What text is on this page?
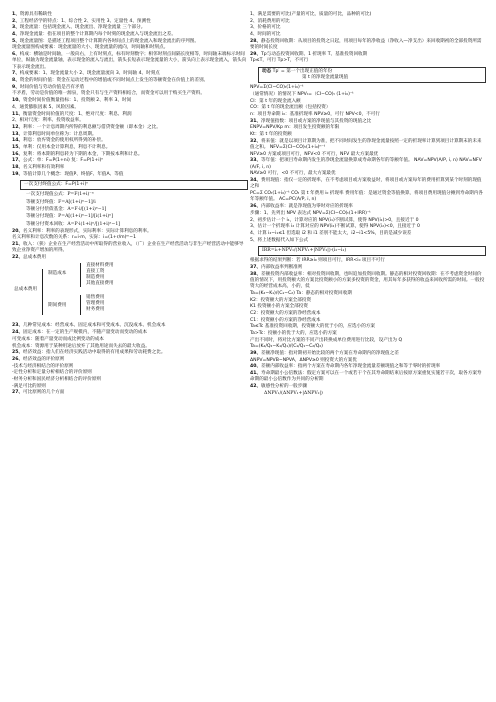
1、资源具有稀缺性
2、工程经济学的特点：1、综合性 2、实用性 3、定量性 4、预测性
3、现金流量：包括现金流入、现金流出、净现金流量 三个部分。
4、净现金流量：指在项目的整个计算期内每个时刻的现金流入与现金流出之差。
5、现金流量图：是描述工程项目整个计算期内各时间点上的现金流入和现金流出的序列图。
现金流量图构成要素：现金流量的大小、现金流量的流向，时间轴和时刻点。
6、构成：横轴是时间轴，一般向右，上有时刻点，标有时刻数字；相邻时刻点间隔长度相等，时间轴末端标示时间单位，纵轴为现金流量轴，表示现金的流入与流出，箭头长短表示现金流量的大小，箭头向上表示现金流入，箭头向下表示现金流出。
7、构成要素：1、现金流量大小 2、现金流量流向 3、时间轴 4、时刻点
8、资金的时间价值：资金在运动过程中的增值或不同时间点上发生的等额资金在价值上的差别。
9、时间价值与劳动价值是否有矛盾
不矛盾，劳动是价值的唯一源泉，资金只有与生产资料相结合，而资金可以用于购买生产资料。
10、资金时间价值衡量指标：1、投资额 2、利率 3、时间
4、通货膨胀因素 5、风险因素。
11、衡量资金时间价值的尺度：1、绝对尺度：利息、利润
2、相对尺度：利率、投资收益率。
12、利率：一个计息周期内所得的利息额与借贷资金额（即本金）之比。
13、计算利息时间单位称为：计息周期。
14、利息：放弃资金的使用权所得到的补偿。
15、单利：仅用本金计算利息，利息不计利息。
16、复利：将本期的利息转为下期的本金，下期按本利和计息。
17、公式：单：F=P(1+ni) 复：F=P(1+i)ⁿ
18、名义利率和有效利率
19、等值计算几个概念：现值P、终值F、年值A、等值
一次支付终值公式：F=P(1+i)ⁿ
一次支付现值公式：P=F(1+i)⁻ⁿ
等额支付终值：F=A[(1+i)ⁿ−1]/i
等额分付偿债基金：A=F·i/[(1+i)ⁿ−1]
等额分付现值：P=A[(1+i)ⁿ−1]/[i(1+i)ⁿ]
等额分付资本回收：A=P·i(1+i)ⁿ/[(1+i)ⁿ−1]
20、名义利率：利率的表现形式，实际利率：实际计算利息的利率。
名义利率和计息次数的关系：r=i·m，实际：i=(1+r/m)ᵐ−1
21、收入：（狭）企业在生产经营活动中所取得的营业收入，（广）企业在生产经营活动与非生产经营活动中能够导致企业净资产增加的所得。
22、总成本费用
总成本费用
制造成本
期间费用
直接材料费用
直接工资
制造费用
其他直接费用
销售费用
管理费用
财务费用
23、几种常见成本：经营成本、固定成本和可变成本、沉没成本、机会成本
24、固定成本：在一定的生产规模内，不随产量变动而变动的成本
可变成本：随着产量变动而成比例变动的成本
机会成本：资源用于某种用途后放弃了其他用途而失去的最大收益。
25、经济效益：指人们在经济实践活动中取得的有用成果和劳动耗费之比。
26、经济效益的评价原则
-技术与经济相结合的评价原则
-定性分析和定量分析相结合的评价原则
-财务分析和国民经济分析相结合的评价原则
-满足可比的原则
27、可比原则的几个方面
1、满足需要的可比(产量的可比，质量的可比，品种的可比)
2、消耗费用的可比
3、价格的可比
4、时间的可比
28、静态投资回收期：从项目的投资之日起，用项目每年的净收益（净收入—净支出）来回收期初的全部投资所需要的时间长度
29、Tp与动态投资回收期、1 折现率 T、基准投资回收期
Tp≤T，可行 Tp>T，不可行
动态 Tp′ = 第一个出现正值的年份
第 t 的净现金流量现值
NPV=Σ(CI−CO)ₜ(1+i₀)⁻ᵗ
（通常情况）的情况下 NPVₜ=（CI−CO)ₜ (1+i₀)⁻ᵗ
CI：第 t 年的现金流入额
CO：第 t 年的现金流出额（包括投资）
n：项目寿命期 i₀：基准折现率 NPV≥0，可行 NPV<0，不可行
31、净现值指数：项目或方案的净现值与其投资的现值之比
ENPV=NPV/Kp m：项目发生投资额的年限
Kt：第 t 年的投资额
32、将来值：就是以项目计算期为准，把不同时间发生的净现金流量按照一定的折现率计算到项目计算期末的未来值之和。 NFV=Σ(CI−CO)ₜ(1+i₀)ⁿ⁻ᵗ
NFV≥0 方案或项目可行，NFV<0 不可行，NFV 最大方案最优
33、等年值：把项目寿命期内发生的净现金流量换算成寿命期各年的等额年值。 NAV=NPV(A/P, i, n) NAV=NFV(A/F, i, n)
NAV≥0 可行，<0 不可行，最大方案最优
34、费用现值：指仅一定的折现率，在不考虑项目或方案收益时，将项目或方案每年的费用折算到某个时刻的现值之和
PC=Σ COₜ(1+i₀)⁻ᵗ COₜ 第 t 年费用 i₀ 折现率 费用年值：是通过资金等值换算，将项目费用现值分摊到寿命期内各年等额年值。 AC=PC(A/P, i, n)
36、内部收益率：就是净现值为零时对应的折现率
步骤：1、先列出 NPV 表达式 NPV=Σ(CI−CO)ₜ(1+IRR)⁻ᵗ
2、初步估计一个 i₁，计算对应的 NPV(i₁)不断试算，使得 NPV(i₁)>0，且接近于 0
3、估计一个折现率 i₂ 计算对应的 NPV(i₂)不断试算，使得 NPV(i₂)<0，且接近于 0
4、计算 i₂−i₁≤1 但选取 i2 和 i1 差别不能太大，i2−i1<5%，目的是减少误差
5、将上述数据代入如下公式
IRR=i₁+NPV₁/(NPV₁+|NPV₂|)·(i₂−i₁)
根据求得的结果判断：若 IRR≥i₀ 则项目可行，IRR<i₀ 项目不可行
37、内部收益率判断准则
38、差额投资内部收益率：相对投资回收期，也叫追加投资回收期。静态的相对投资回收期：在不考虑资金时间价值的情况下，用投资额大的方案比投资额小的方案多投资的资金，用其每年多获得的收益来回收所需的时间。一般投资大的经营成本高，小的，低
Ta=(K₂−K₁)/(C₁−C₂) Ta：静态的相对投资回收期
K2：投资额大的方案全部投资
K1 投资额小的方案全部投资
C2：投资额大的方案的净经营成本
C1：投资额小的方案的净经营成本
Ta≤Tc 基准投资回收期，投资额大的优于小的，应选小的方案
Ta>Tc：投额小的优于大的，应选小的方案
产出不同时，将对比方案的不同产出转换成单位费用进行比较，设产出为 Q
Ta=(K₂/Q₂−K₁/Q₁)/(C₁/Q₁−C₂/Q₂)
39、差额净现值：指对期初开始比较的两个方案在寿命期内的净现值之差
ΔNPV=NPVB−NPVA，ΔNPV≥0 则投资大的方案优
40、差额内部收益率：指两个方案在寿命期内各年净现金流量差额现值之和等于零时的折现率
41、寿命期最小公倍数法：假定方案可以在一个或若干个在其寿命期结束后按原方案重复实施若干次，取各方案寿命期的最小公倍数作为共同的分析期
42、敏感性分析的一般步骤
ΔNPV₁/(ΔNPV₁+|ΔNPV₂|)
